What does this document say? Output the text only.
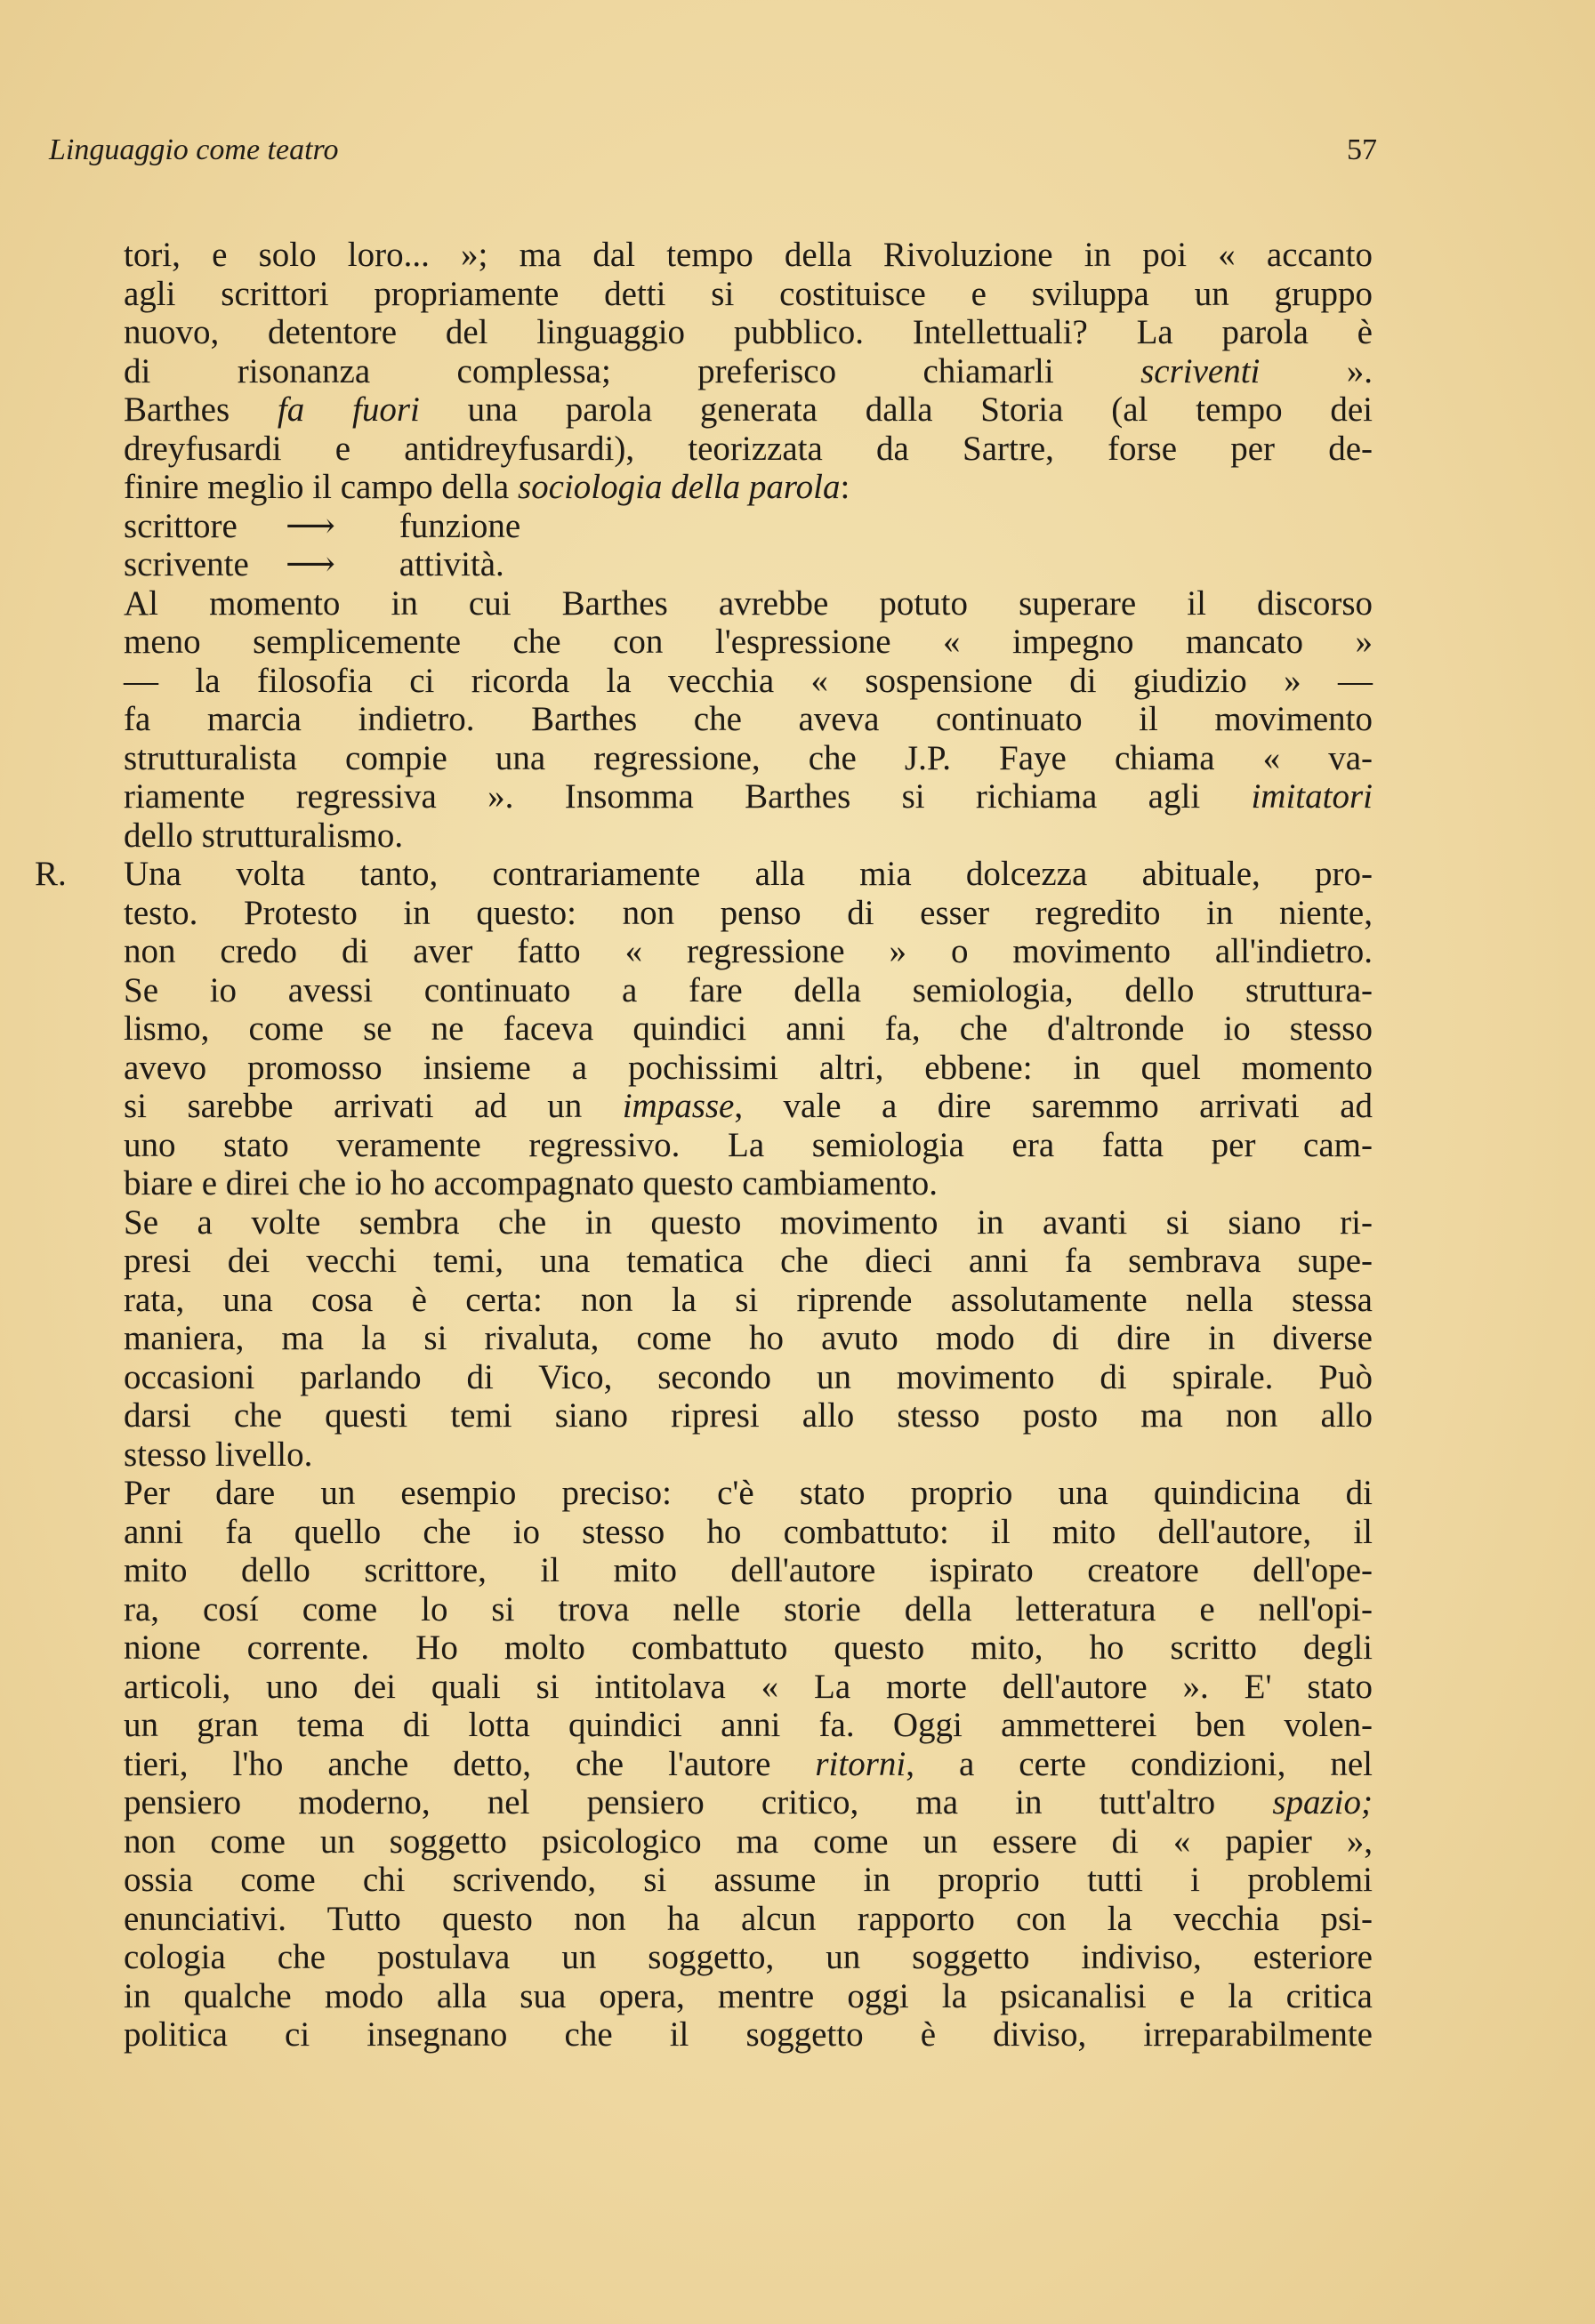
Linguaggio come teatro	57
tori, e solo loro... »; ma dal tempo della Rivoluzione in poi « accanto
agli scrittori propriamente detti si costituisce e sviluppa un gruppo
nuovo, detentore del linguaggio pubblico. Intellettuali? La parola è
di risonanza complessa; preferisco chiamarli scriventi ».
Barthes fa fuori una parola generata dalla Storia (al tempo dei
dreyfusardi e antidreyfusardi), teorizzata da Sartre, forse per de-
finire meglio il campo della sociologia della parola:
scrittore ⟶ funzione
scrivente ⟶ attività.
Al momento in cui Barthes avrebbe potuto superare il discorso
meno semplicemente che con l'espressione « impegno mancato »
— la filosofia ci ricorda la vecchia « sospensione di giudizio » —
fa marcia indietro. Barthes che aveva continuato il movimento
strutturalista compie una regressione, che J.P. Faye chiama « va-
riamente regressiva ». Insomma Barthes si richiama agli imitatori
dello strutturalismo.
R. Una volta tanto, contrariamente alla mia dolcezza abituale, pro-
testo. Protesto in questo: non penso di esser regredito in niente,
non credo di aver fatto « regressione » o movimento all'indietro.
Se io avessi continuato a fare della semiologia, dello struttura-
lismo, come se ne faceva quindici anni fa, che d'altronde io stesso
avevo promosso insieme a pochissimi altri, ebbene: in quel momento
si sarebbe arrivati ad un impasse, vale a dire saremmo arrivati ad
uno stato veramente regressivo. La semiologia era fatta per cam-
biare e direi che io ho accompagnato questo cambiamento.
Se a volte sembra che in questo movimento in avanti si siano ri-
presi dei vecchi temi, una tematica che dieci anni fa sembrava supe-
rata, una cosa è certa: non la si riprende assolutamente nella stessa
maniera, ma la si rivaluta, come ho avuto modo di dire in diverse
occasioni parlando di Vico, secondo un movimento di spirale. Può
darsi che questi temi siano ripresi allo stesso posto ma non allo
stesso livello.
Per dare un esempio preciso: c'è stato proprio una quindicina di
anni fa quello che io stesso ho combattuto: il mito dell'autore, il
mito dello scrittore, il mito dell'autore ispirato creatore dell'ope-
ra, cosí come lo si trova nelle storie della letteratura e nell'opi-
nione corrente. Ho molto combattuto questo mito, ho scritto degli
articoli, uno dei quali si intitolava « La morte dell'autore ». E' stato
un gran tema di lotta quindici anni fa. Oggi ammetterei ben volen-
tieri, l'ho anche detto, che l'autore ritorni, a certe condizioni, nel
pensiero moderno, nel pensiero critico, ma in tutt'altro spazio;
non come un soggetto psicologico ma come un essere di « papier »,
ossia come chi scrivendo, si assume in proprio tutti i problemi
enunciativi. Tutto questo non ha alcun rapporto con la vecchia psi-
cologia che postulava un soggetto, un soggetto indiviso, esteriore
in qualche modo alla sua opera, mentre oggi la psicanalisi e la critica
politica ci insegnano che il soggetto è diviso, irreparabilmente
